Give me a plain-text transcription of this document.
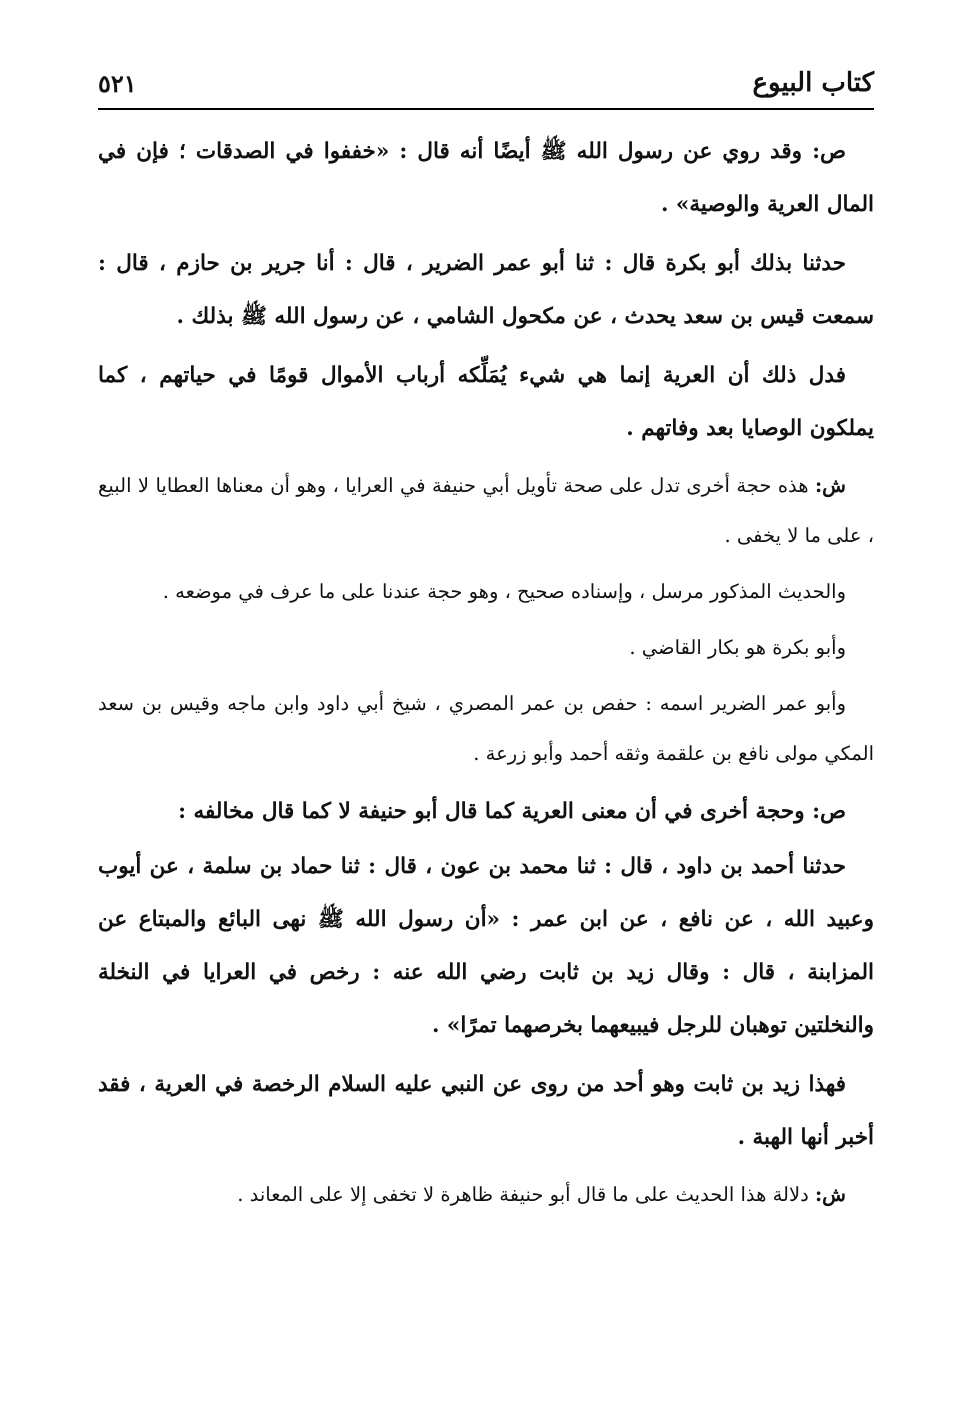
كتاب البيوع
٥٢١

ص: وقد روي عن رسول الله ﷺ أيضًا أنه قال : «خففوا في الصدقات ؛ فإن في المال العرية والوصية» .

حدثنا بذلك أبو بكرة قال : ثنا أبو عمر الضرير ، قال : أنا جرير بن حازم ، قال : سمعت قيس بن سعد يحدث ، عن مكحول الشامي ، عن رسول الله ﷺ بذلك .

فدل ذلك أن العرية إنما هي شيء يُمَلِّكه أرباب الأموال قومًا في حياتهم ، كما يملكون الوصايا بعد وفاتهم .

ش: هذه حجة أخرى تدل على صحة تأويل أبي حنيفة في العرايا ، وهو أن معناها العطايا لا البيع ، على ما لا يخفى .

والحديث المذكور مرسل ، وإسناده صحيح ، وهو حجة عندنا على ما عرف في موضعه .

وأبو بكرة هو بكار القاضي .

وأبو عمر الضرير اسمه : حفص بن عمر المصري ، شيخ أبي داود وابن ماجه وقيس بن سعد المكي مولى نافع بن علقمة وثقه أحمد وأبو زرعة .

ص: وحجة أخرى في أن معنى العرية كما قال أبو حنيفة لا كما قال مخالفه :

حدثنا أحمد بن داود ، قال : ثنا محمد بن عون ، قال : ثنا حماد بن سلمة ، عن أيوب وعبيد الله ، عن نافع ، عن ابن عمر : «أن رسول الله ﷺ نهى البائع والمبتاع عن المزابنة ، قال : وقال زيد بن ثابت رضي الله عنه : رخص في العرايا في النخلة والنخلتين توهبان للرجل فيبيعهما بخرصهما تمرًا» .

فهذا زيد بن ثابت وهو أحد من روى عن النبي عليه السلام الرخصة في العرية ، فقد أخبر أنها الهبة .

ش: دلالة هذا الحديث على ما قال أبو حنيفة ظاهرة لا تخفى إلا على المعاند .
